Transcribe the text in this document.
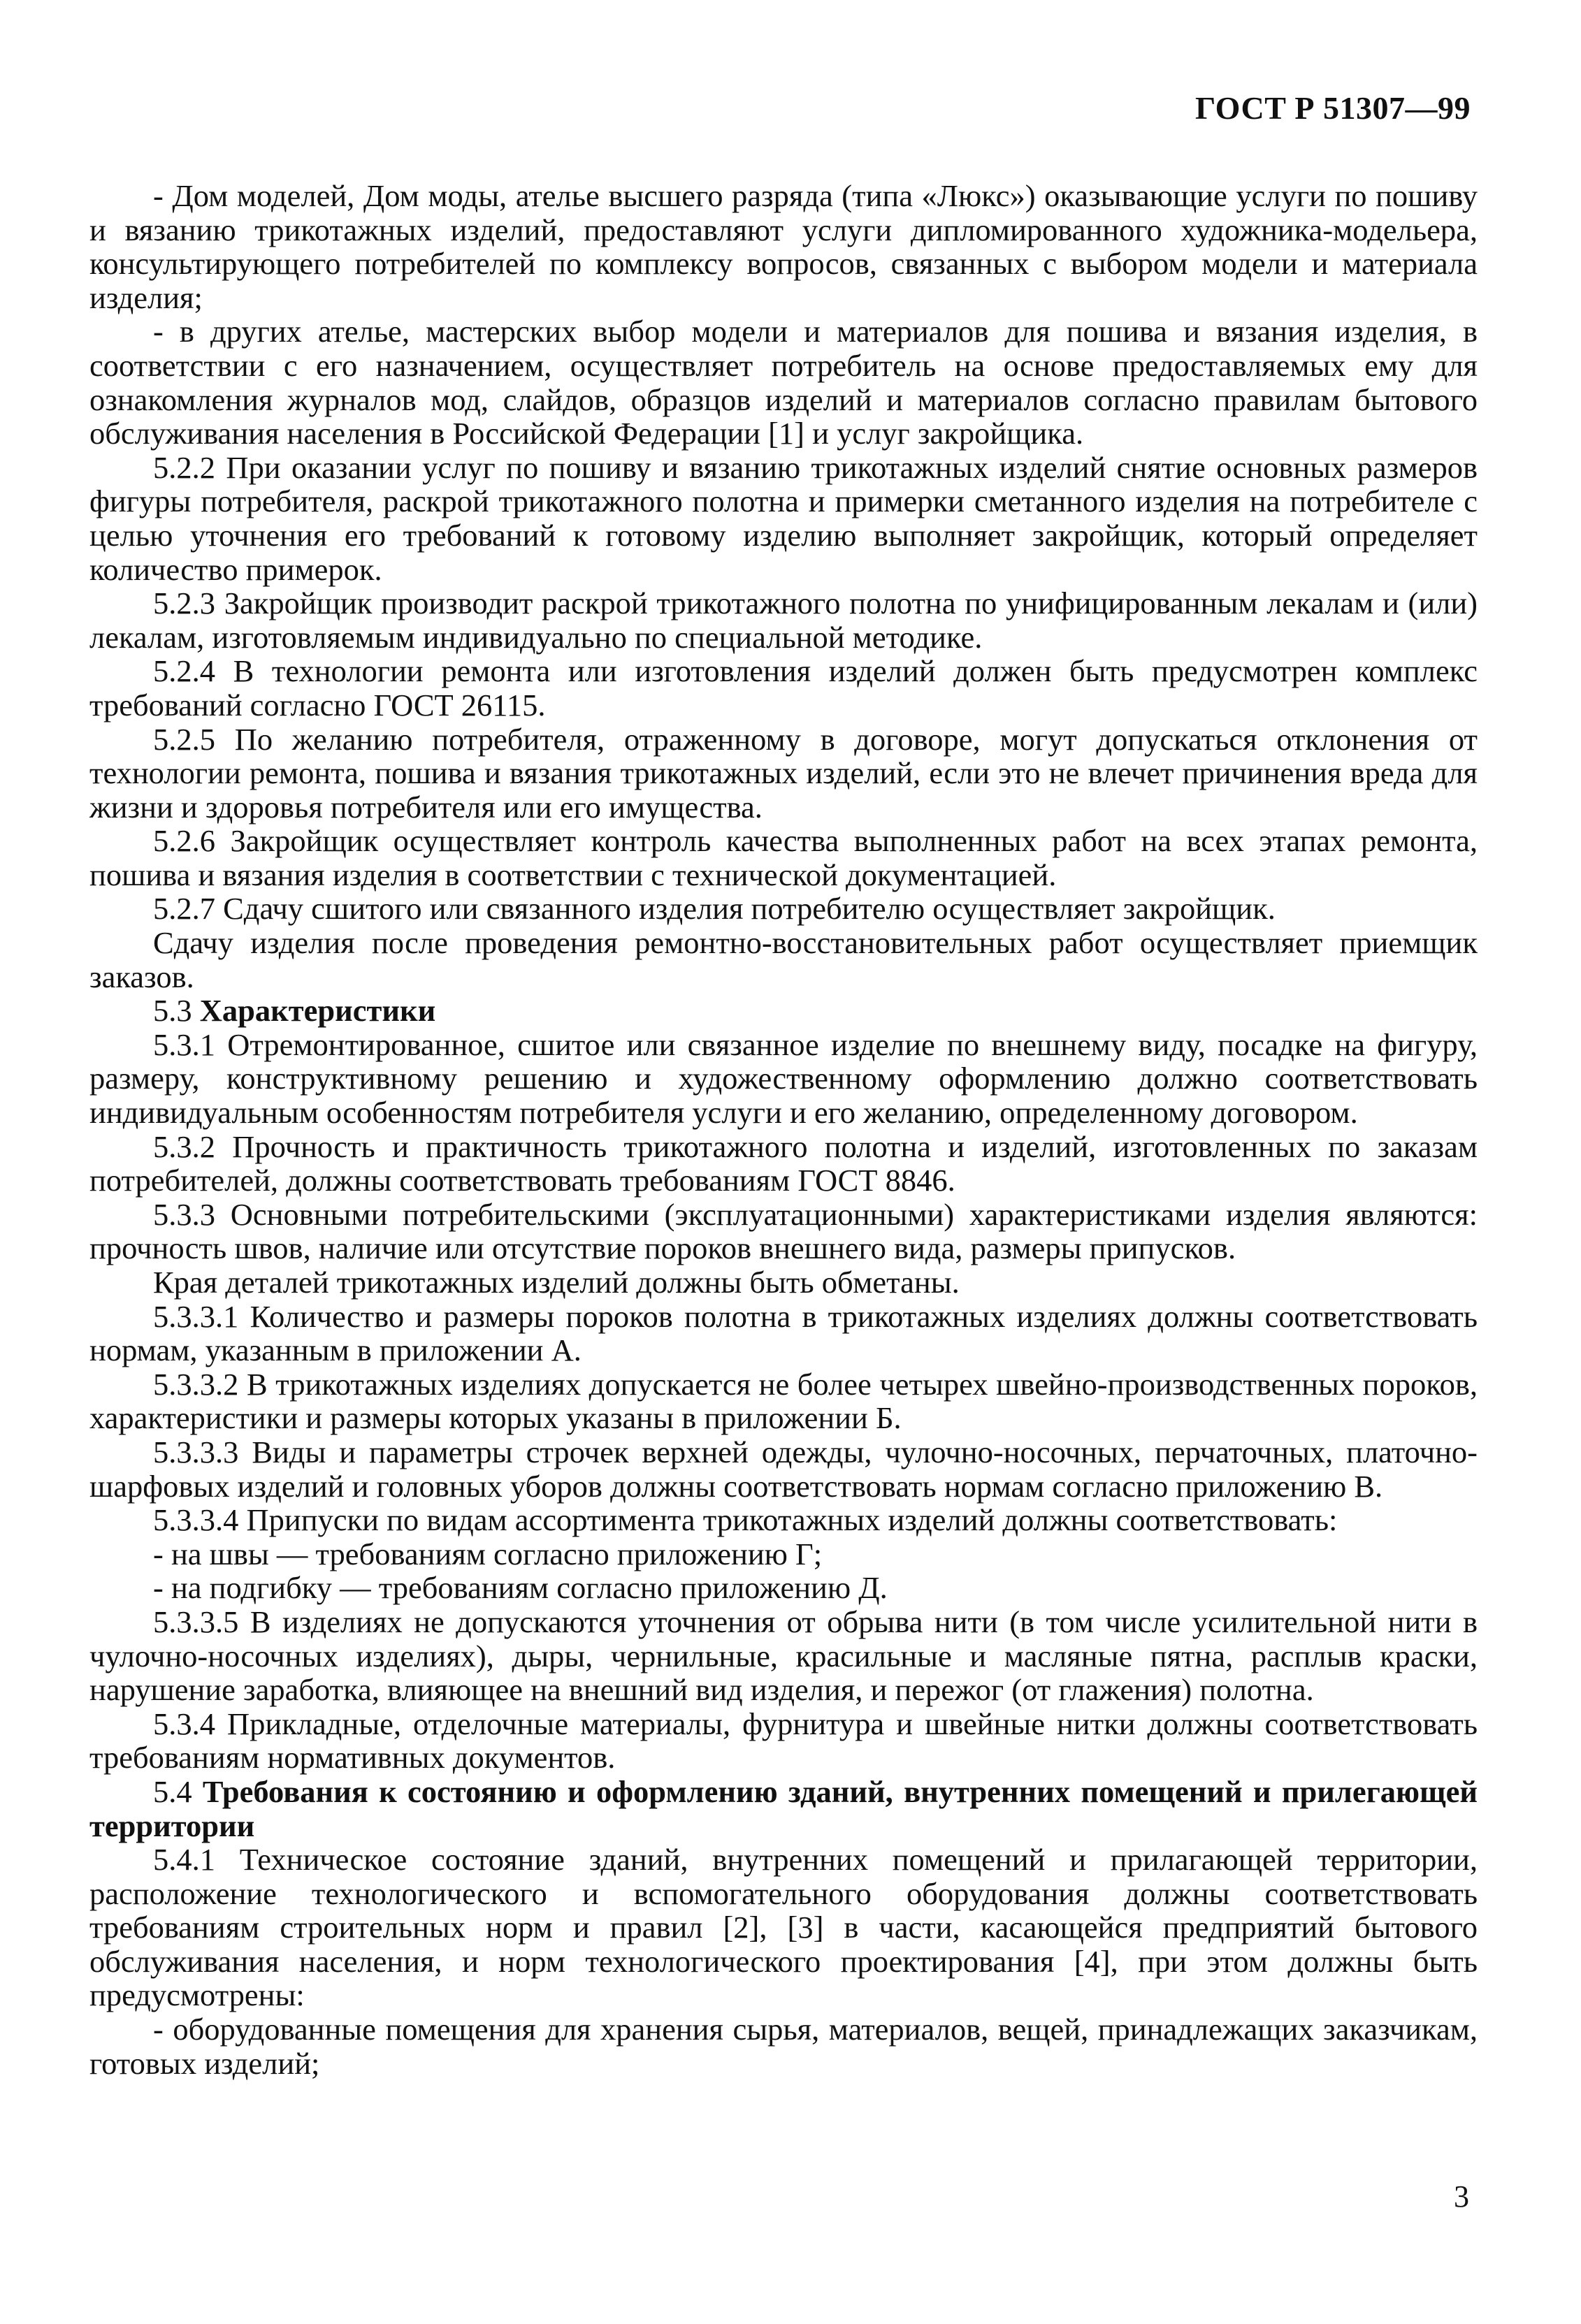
ГОСТ Р 51307—99

- Дом моделей, Дом моды, ателье высшего разряда (типа «Люкс») оказывающие услуги по пошиву и вязанию трикотажных изделий, предоставляют услуги дипломированного художника-модельера, консультирующего потребителей по комплексу вопросов, связанных с выбором модели и материала изделия;

- в других ателье, мастерских выбор модели и материалов для пошива и вязания изделия, в соответствии с его назначением, осуществляет потребитель на основе предоставляемых ему для ознакомления журналов мод, слайдов, образцов изделий и материалов согласно правилам бытового обслуживания населения в Российской Федерации [1] и услуг закройщика.

5.2.2 При оказании услуг по пошиву и вязанию трикотажных изделий снятие основных размеров фигуры потребителя, раскрой трикотажного полотна и примерки сметанного изделия на потребителе с целью уточнения его требований к готовому изделию выполняет закройщик, который определяет количество примерок.

5.2.3 Закройщик производит раскрой трикотажного полотна по унифицированным лекалам и (или) лекалам, изготовляемым индивидуально по специальной методике.

5.2.4 В технологии ремонта или изготовления изделий должен быть предусмотрен комплекс требований согласно ГОСТ 26115.

5.2.5 По желанию потребителя, отраженному в договоре, могут допускаться отклонения от технологии ремонта, пошива и вязания трикотажных изделий, если это не влечет причинения вреда для жизни и здоровья потребителя или его имущества.

5.2.6 Закройщик осуществляет контроль качества выполненных работ на всех этапах ремонта, пошива и вязания изделия в соответствии с технической документацией.

5.2.7 Сдачу сшитого или связанного изделия потребителю осуществляет закройщик.

Сдачу изделия после проведения ремонтно-восстановительных работ осуществляет приемщик заказов.

5.3 Характеристики

5.3.1 Отремонтированное, сшитое или связанное изделие по внешнему виду, посадке на фигуру, размеру, конструктивному решению и художественному оформлению должно соответствовать индивидуальным особенностям потребителя услуги и его желанию, определенному договором.

5.3.2 Прочность и практичность трикотажного полотна и изделий, изготовленных по заказам потребителей, должны соответствовать требованиям ГОСТ 8846.

5.3.3 Основными потребительскими (эксплуатационными) характеристиками изделия являются: прочность швов, наличие или отсутствие пороков внешнего вида, размеры припусков.

Края деталей трикотажных изделий должны быть обметаны.

5.3.3.1 Количество и размеры пороков полотна в трикотажных изделиях должны соответствовать нормам, указанным в приложении А.

5.3.3.2 В трикотажных изделиях допускается не более четырех швейно-производственных пороков, характеристики и размеры которых указаны в приложении Б.

5.3.3.3 Виды и параметры строчек верхней одежды, чулочно-носочных, перчаточных, платочно-шарфовых изделий и головных уборов должны соответствовать нормам согласно приложению В.

5.3.3.4 Припуски по видам ассортимента трикотажных изделий должны соответствовать:

- на швы — требованиям согласно приложению Г;

- на подгибку — требованиям согласно приложению Д.

5.3.3.5 В изделиях не допускаются уточнения от обрыва нити (в том числе усилительной нити в чулочно-носочных изделиях), дыры, чернильные, красильные и масляные пятна, расплыв краски, нарушение заработка, влияющее на внешний вид изделия, и пережог (от глажения) полотна.

5.3.4 Прикладные, отделочные материалы, фурнитура и швейные нитки должны соответствовать требованиям нормативных документов.

5.4 Требования к состоянию и оформлению зданий, внутренних помещений и прилегающей территории

5.4.1 Техническое состояние зданий, внутренних помещений и прилагающей территории, расположение технологического и вспомогательного оборудования должны соответствовать требованиям строительных норм и правил [2], [3] в части, касающейся предприятий бытового обслуживания населения, и норм технологического проектирования [4], при этом должны быть предусмотрены:

- оборудованные помещения для хранения сырья, материалов, вещей, принадлежащих заказчикам, готовых изделий;

3
